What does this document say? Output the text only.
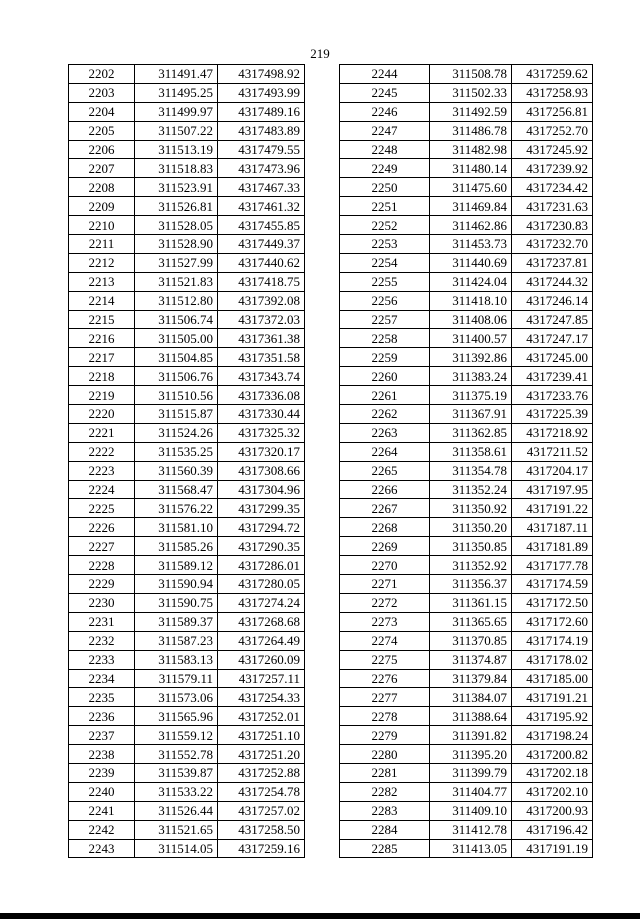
219
2202	311491.47	4317498.92
2203	311495.25	4317493.99
2204	311499.97	4317489.16
2205	311507.22	4317483.89
2206	311513.19	4317479.55
2207	311518.83	4317473.96
2208	311523.91	4317467.33
2209	311526.81	4317461.32
2210	311528.05	4317455.85
2211	311528.90	4317449.37
2212	311527.99	4317440.62
2213	311521.83	4317418.75
2214	311512.80	4317392.08
2215	311506.74	4317372.03
2216	311505.00	4317361.38
2217	311504.85	4317351.58
2218	311506.76	4317343.74
2219	311510.56	4317336.08
2220	311515.87	4317330.44
2221	311524.26	4317325.32
2222	311535.25	4317320.17
2223	311560.39	4317308.66
2224	311568.47	4317304.96
2225	311576.22	4317299.35
2226	311581.10	4317294.72
2227	311585.26	4317290.35
2228	311589.12	4317286.01
2229	311590.94	4317280.05
2230	311590.75	4317274.24
2231	311589.37	4317268.68
2232	311587.23	4317264.49
2233	311583.13	4317260.09
2234	311579.11	4317257.11
2235	311573.06	4317254.33
2236	311565.96	4317252.01
2237	311559.12	4317251.10
2238	311552.78	4317251.20
2239	311539.87	4317252.88
2240	311533.22	4317254.78
2241	311526.44	4317257.02
2242	311521.65	4317258.50
2243	311514.05	4317259.16
2244	311508.78	4317259.62
2245	311502.33	4317258.93
2246	311492.59	4317256.81
2247	311486.78	4317252.70
2248	311482.98	4317245.92
2249	311480.14	4317239.92
2250	311475.60	4317234.42
2251	311469.84	4317231.63
2252	311462.86	4317230.83
2253	311453.73	4317232.70
2254	311440.69	4317237.81
2255	311424.04	4317244.32
2256	311418.10	4317246.14
2257	311408.06	4317247.85
2258	311400.57	4317247.17
2259	311392.86	4317245.00
2260	311383.24	4317239.41
2261	311375.19	4317233.76
2262	311367.91	4317225.39
2263	311362.85	4317218.92
2264	311358.61	4317211.52
2265	311354.78	4317204.17
2266	311352.24	4317197.95
2267	311350.92	4317191.22
2268	311350.20	4317187.11
2269	311350.85	4317181.89
2270	311352.92	4317177.78
2271	311356.37	4317174.59
2272	311361.15	4317172.50
2273	311365.65	4317172.60
2274	311370.85	4317174.19
2275	311374.87	4317178.02
2276	311379.84	4317185.00
2277	311384.07	4317191.21
2278	311388.64	4317195.92
2279	311391.82	4317198.24
2280	311395.20	4317200.82
2281	311399.79	4317202.18
2282	311404.77	4317202.10
2283	311409.10	4317200.93
2284	311412.78	4317196.42
2285	311413.05	4317191.19
